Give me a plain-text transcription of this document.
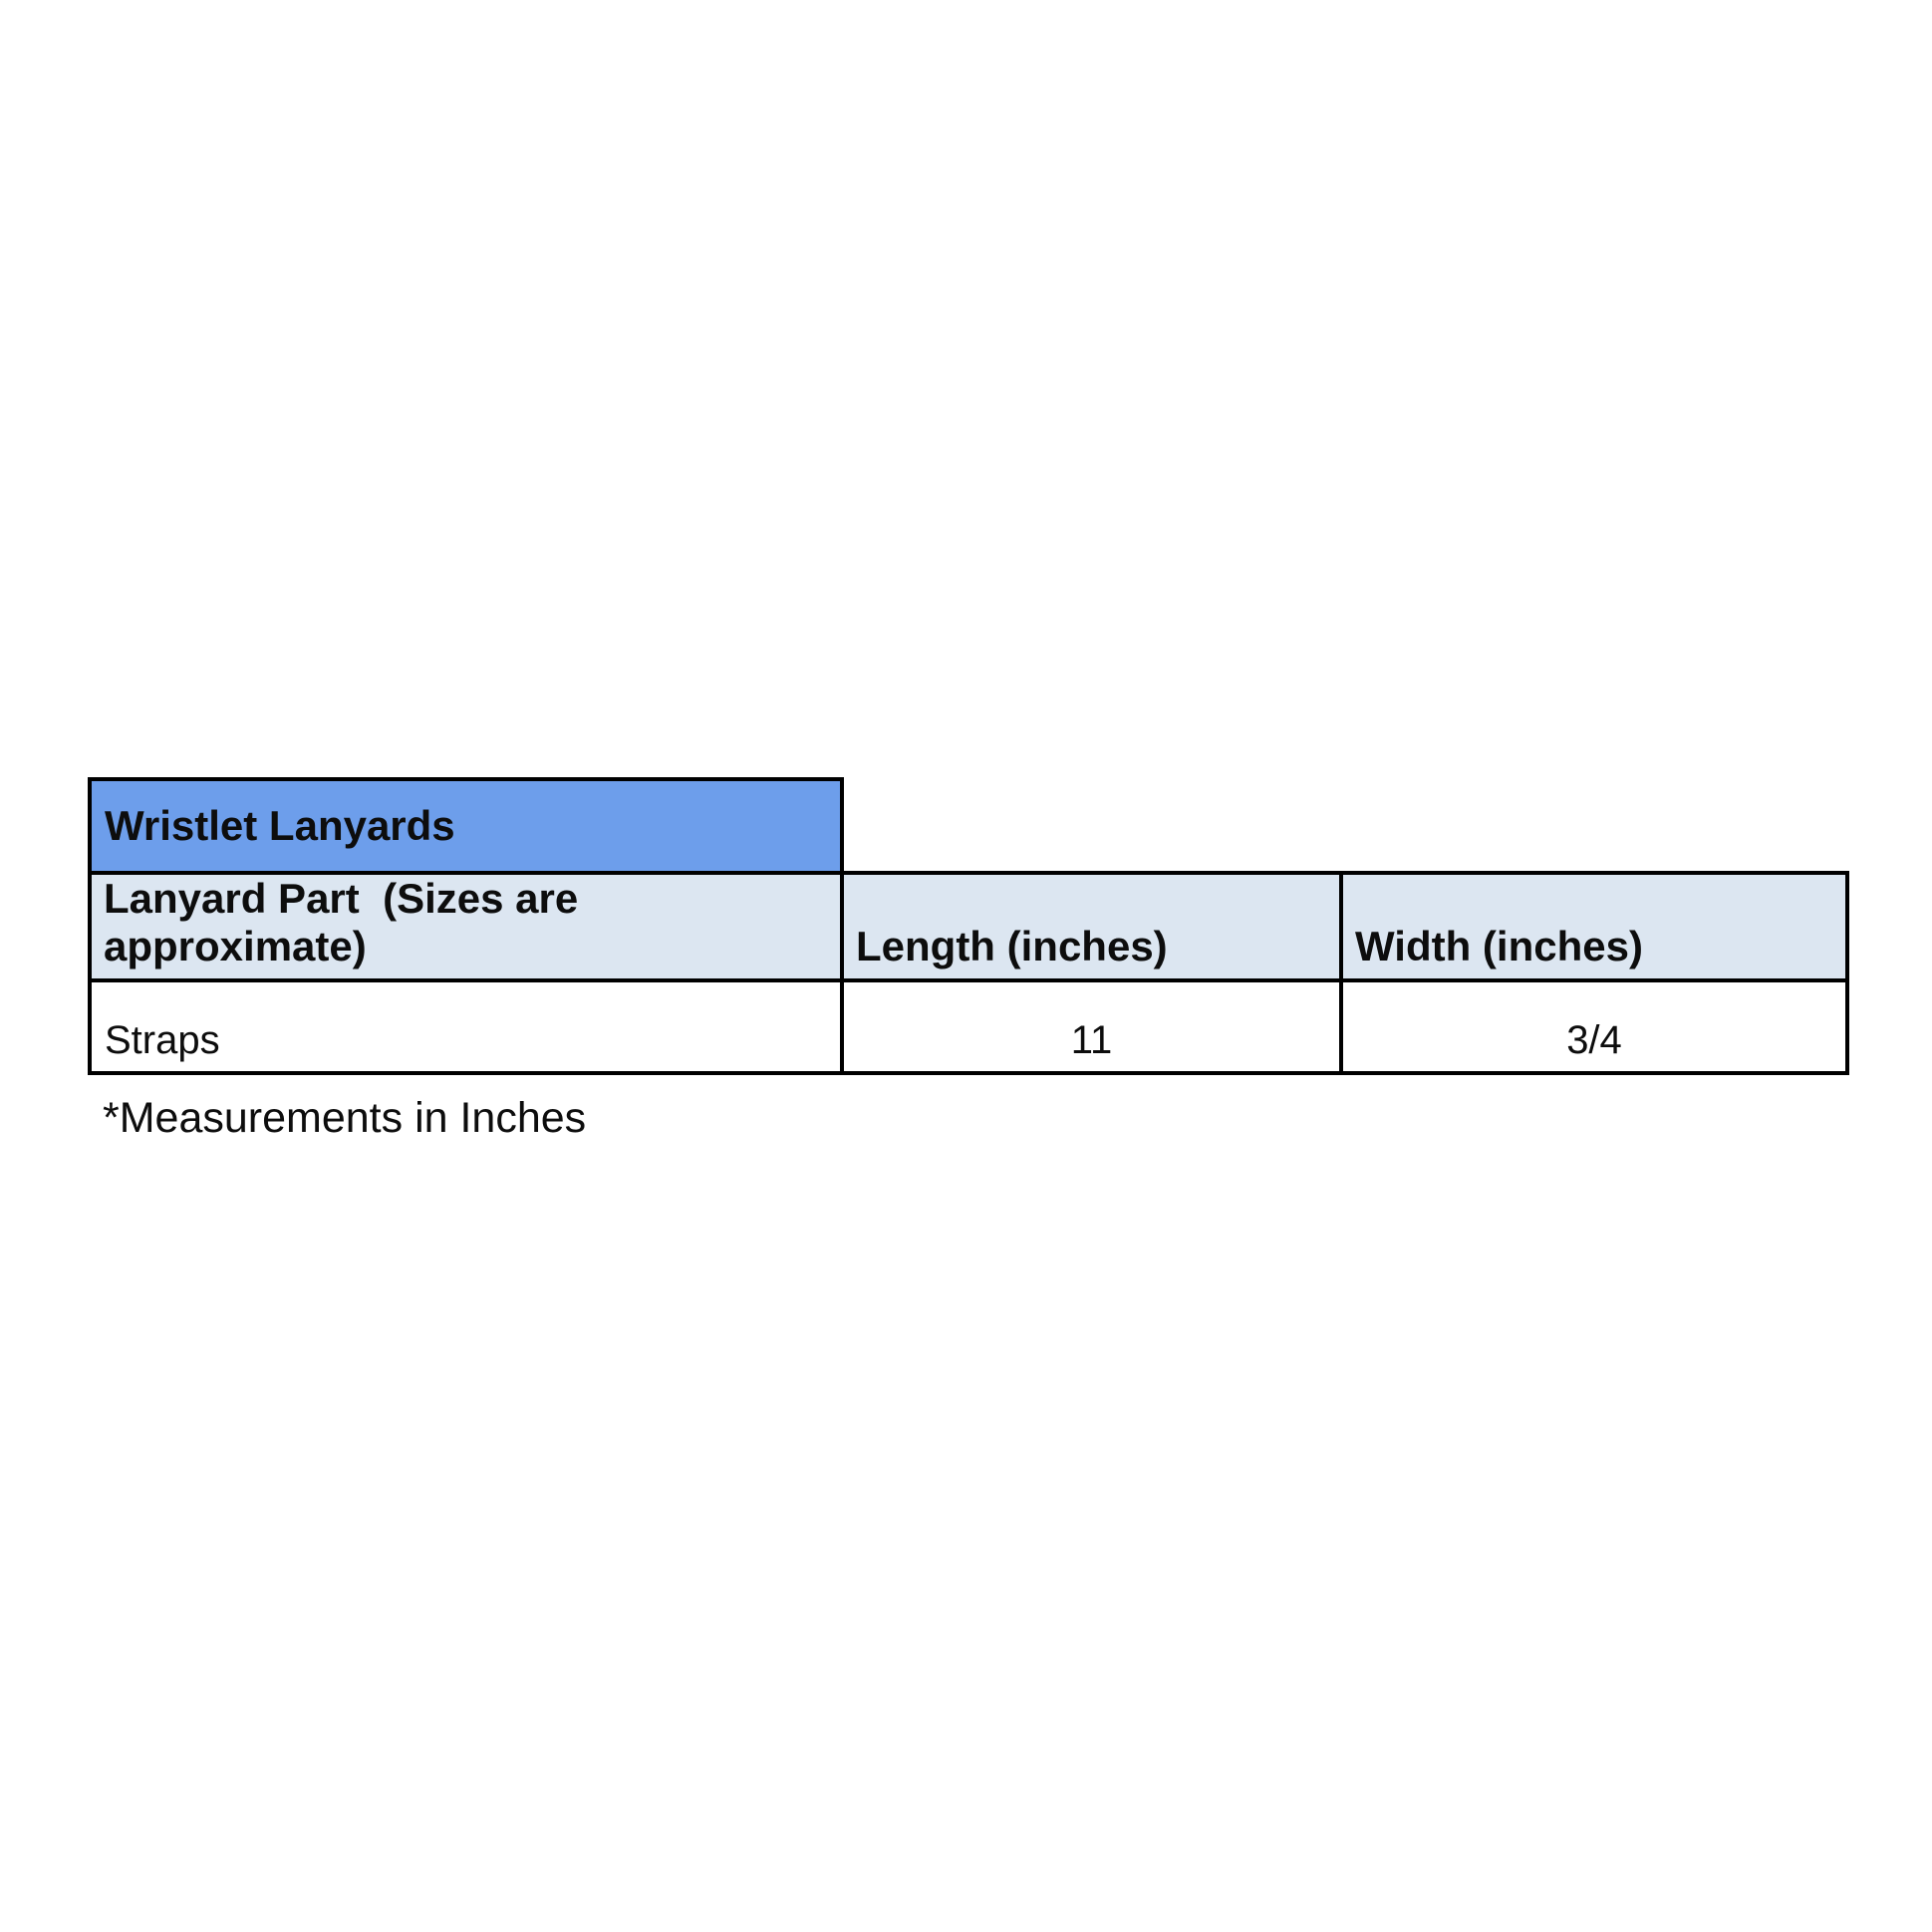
Wristlet Lanyards
Lanyard Part  (Sizes are approximate)	Length (inches)	Width (inches)
Straps	11	3/4
*Measurements in Inches
